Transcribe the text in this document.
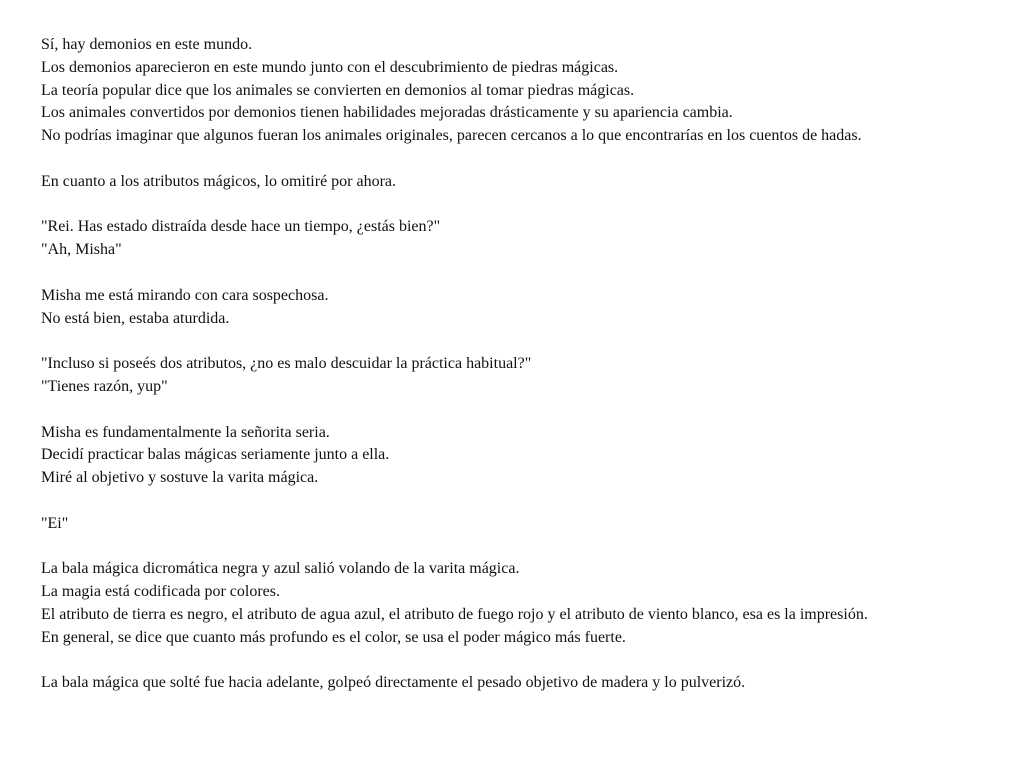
Sí, hay demonios en este mundo.
Los demonios aparecieron en este mundo junto con el descubrimiento de piedras mágicas.
La teoría popular dice que los animales se convierten en demonios al tomar piedras mágicas.
Los animales convertidos por demonios tienen habilidades mejoradas drásticamente y su apariencia cambia.
No podrías imaginar que algunos fueran los animales originales, parecen cercanos a lo que encontrarías en los cuentos de hadas.
En cuanto a los atributos mágicos, lo omitiré por ahora.
"Rei. Has estado distraída desde hace un tiempo, ¿estás bien?"
"Ah, Misha"
Misha me está mirando con cara sospechosa.
No está bien, estaba aturdida.
"Incluso si poseés dos atributos, ¿no es malo descuidar la práctica habitual?"
"Tienes razón, yup"
Misha es fundamentalmente la señorita seria.
Decidí practicar balas mágicas seriamente junto a ella.
Miré al objetivo y sostuve la varita mágica.
"Ei"
La bala mágica dicromática negra y azul salió volando de la varita mágica.
La magia está codificada por colores.
El atributo de tierra es negro, el atributo de agua azul, el atributo de fuego rojo y el atributo de viento blanco, esa es la impresión.
En general, se dice que cuanto más profundo es el color, se usa el poder mágico más fuerte.
La bala mágica que solté fue hacia adelante, golpeó directamente el pesado objetivo de madera y lo pulverizó.
